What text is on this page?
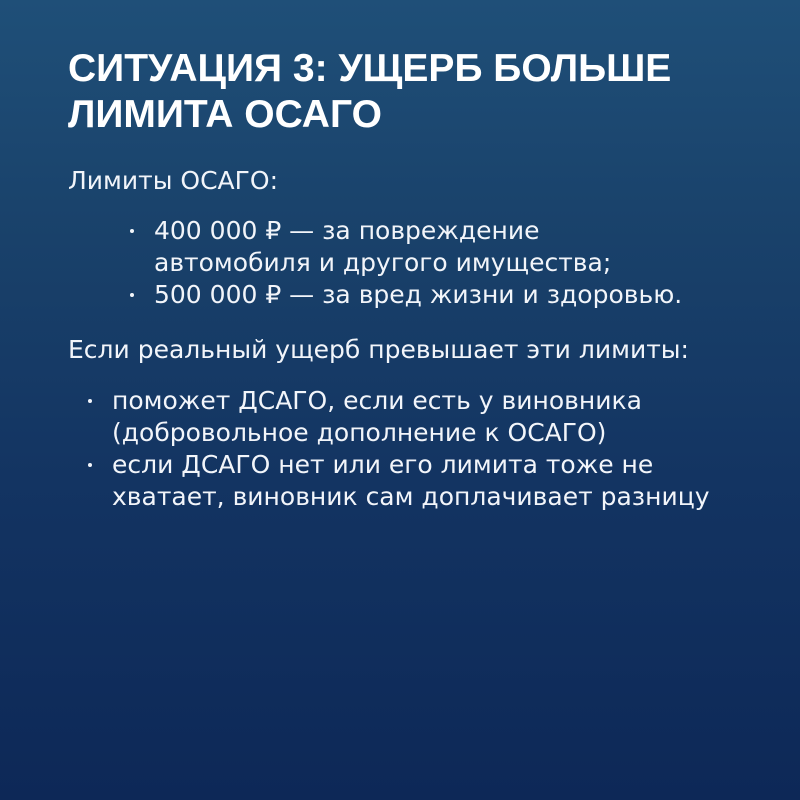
СИТУАЦИЯ 3: УЩЕРБ БОЛЬШЕ
ЛИМИТА ОСАГО

Лимиты ОСАГО:

400 000 ₽ — за повреждение
автомобиля и другого имущества;
500 000 ₽ — за вред жизни и здоровью.

Если реальный ущерб превышает эти лимиты:

поможет ДСАГО, если есть у виновника
(добровольное дополнение к ОСАГО)
если ДСАГО нет или его лимита тоже не
хватает, виновник сам доплачивает разницу
